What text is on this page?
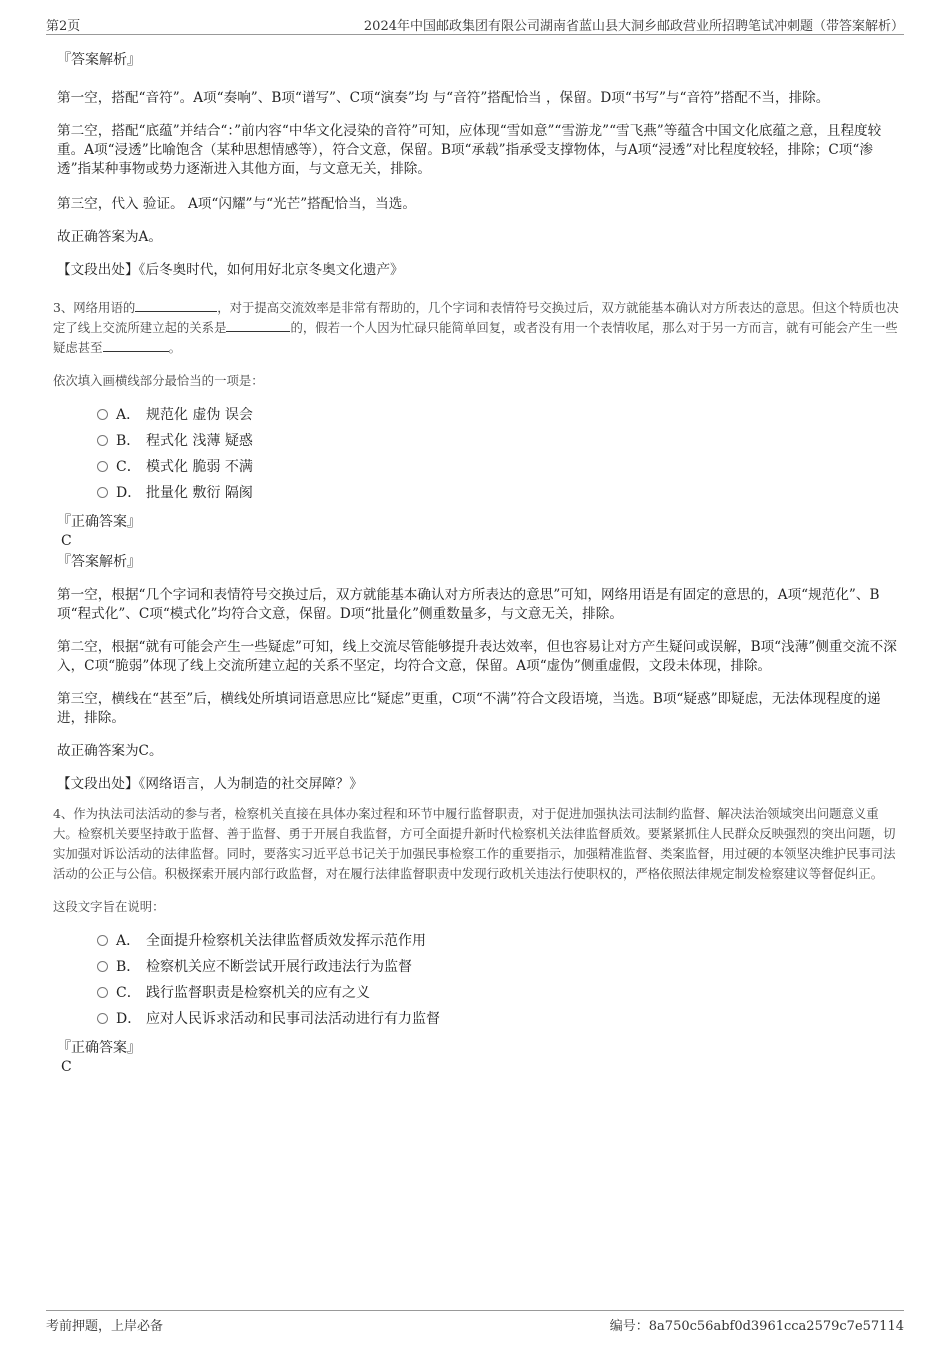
第2页	2024年中国邮政集团有限公司湖南省蓝山县大洞乡邮政营业所招聘笔试冲刺题（带答案解析）
『答案解析』

第一空，搭配“音符”。A项“奏响”、B项“谱写”、C项“演奏”均 与“音符”搭配恰当 ，保留。D项“书写”与“音符”搭配不当，排除。

第二空，搭配“底蕴”并结合“：”前内容“中华文化浸染的音符”可知，应体现“雪如意”“雪游龙”“雪飞燕”等蕴含中国文化底蕴之意，且程度较重。A项“浸透”比喻饱含（某种思想情感等），符合文意，保留。B项“承载”指承受支撑物体，与A项“浸透”对比程度较轻，排除；C项“渗透”指某种事物或势力逐渐进入其他方面，与文意无关，排除。

第三空，代入 验证。 A项“闪耀”与“光芒”搭配恰当，当选。

故正确答案为A。

【文段出处】《后冬奥时代，如何用好北京冬奥文化遗产》

3、网络用语的	，对于提高交流效率是非常有帮助的，几个字词和表情符号交换过后，双方就能基本确认对方所表达的意思。但这个特质也决定了线上交流所建立起的关系是	的，假若一个人因为忙碌只能简单回复，或者没有用一个表情收尾，那么对于另一方而言，就有可能会产生一些疑虑甚至	。

依次填入画横线部分最恰当的一项是：

A． 规范化 虚伪 误会
B． 程式化 浅薄 疑惑
C． 模式化 脆弱 不满
D． 批量化 敷衍 隔阂
『正确答案』
C
『答案解析』

第一空，根据“几个字词和表情符号交换过后，双方就能基本确认对方所表达的意思”可知，网络用语是有固定的意思的，A项“规范化”、B项“程式化”、C项“模式化”均符合文意，保留。D项“批量化”侧重数量多，与文意无关，排除。

第二空，根据“就有可能会产生一些疑虑”可知，线上交流尽管能够提升表达效率，但也容易让对方产生疑问或误解，B项“浅薄”侧重交流不深入，C项“脆弱”体现了线上交流所建立起的关系不坚定，均符合文意，保留。A项“虚伪”侧重虚假，文段未体现，排除。

第三空，横线在“甚至”后，横线处所填词语意思应比“疑虑”更重，C项“不满”符合文段语境，当选。B项“疑惑”即疑虑，无法体现程度的递进，排除。

故正确答案为C。

【文段出处】《网络语言，人为制造的社交屏障？》

4、作为执法司法活动的参与者，检察机关直接在具体办案过程和环节中履行监督职责，对于促进加强执法司法制约监督、解决法治领域突出问题意义重大。检察机关要坚持敢于监督、善于监督、勇于开展自我监督，方可全面提升新时代检察机关法律监督质效。要紧紧抓住人民群众反映强烈的突出问题，切实加强对诉讼活动的法律监督。同时，要落实习近平总书记关于加强民事检察工作的重要指示，加强精准监督、类案监督，用过硬的本领坚决维护民事司法活动的公正与公信。积极探索开展内部行政监督，对在履行法律监督职责中发现行政机关违法行使职权的，严格依照法律规定制发检察建议等督促纠正。

这段文字旨在说明：

A． 全面提升检察机关法律监督质效发挥示范作用
B． 检察机关应不断尝试开展行政违法行为监督
C． 践行监督职责是检察机关的应有之义
D． 应对人民诉求活动和民事司法活动进行有力监督
『正确答案』
C
考前押题，上岸必备	编号：8a750c56abf0d3961cca2579c7e57114
